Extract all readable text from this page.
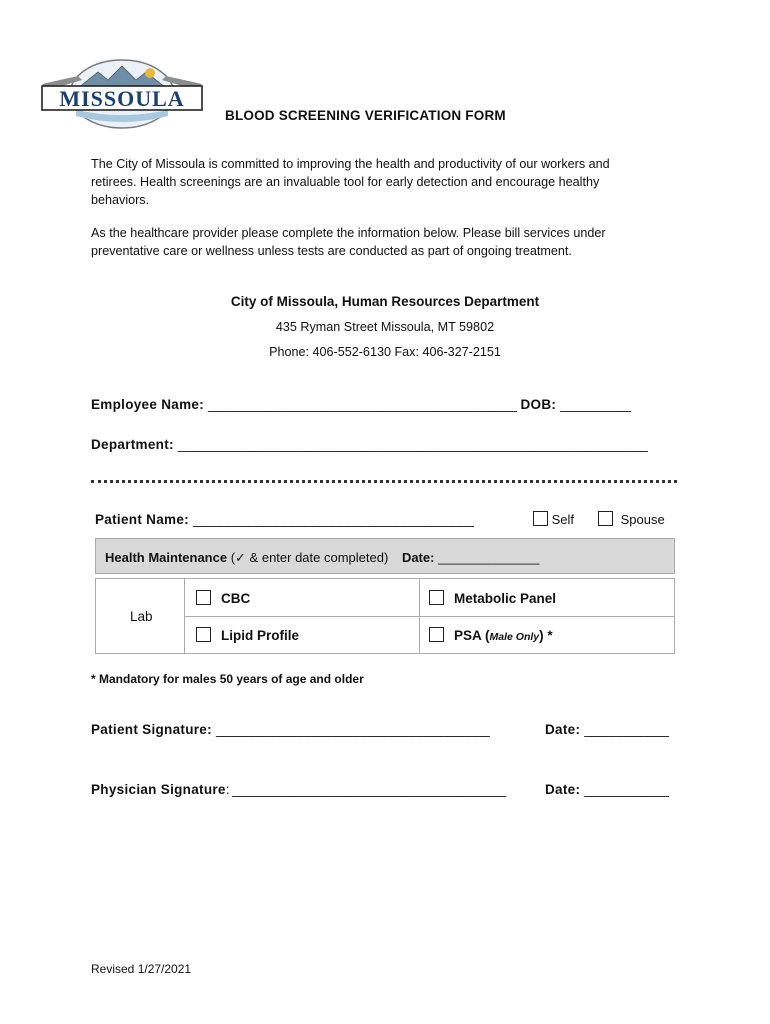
MISSOULA
BLOOD SCREENING VERIFICATION FORM
The City of Missoula is committed to improving the health and productivity of our workers and
retirees. Health screenings are an invaluable tool for early detection and encourage healthy
behaviors.
As the healthcare provider please complete the information below. Please bill services under
preventative care or wellness unless tests are conducted as part of ongoing treatment.
City of Missoula, Human Resources Department
435 Ryman Street Missoula, MT 59802
Phone: 406-552-6130 Fax: 406-327-2151
Employee Name: ____________________________________________ DOB: __________
Department: ___________________________________________________________________
Patient Name: ________________________________________	Self	Spouse
Health Maintenance (✓ & enter date completed) Date: ______________
Lab
CBC	Metabolic Panel
Lipid Profile	PSA (Male Only) *
* Mandatory for males 50 years of age and older
Patient Signature: _______________________________________	Date: ____________
Physician Signature: _______________________________________	Date: ____________
Revised 1/27/2021
